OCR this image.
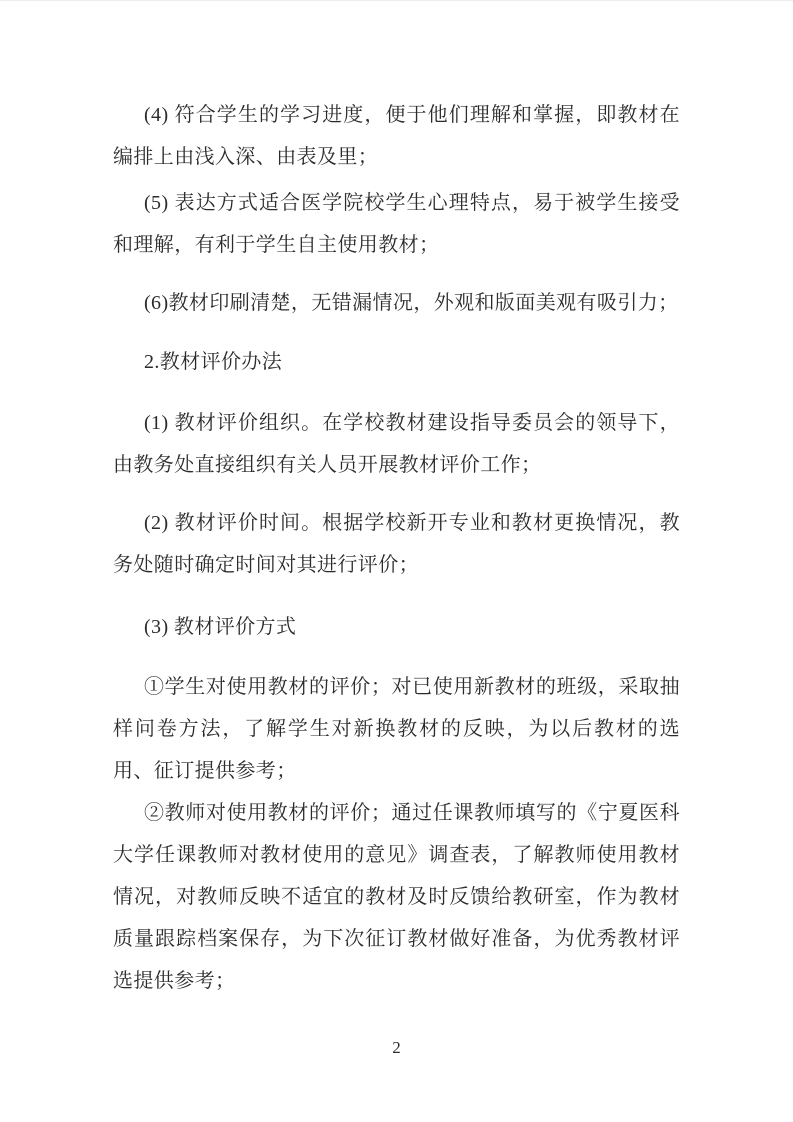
(4) 符合学生的学习进度，便于他们理解和掌握，即教材在编排上由浅入深、由表及里；

(5) 表达方式适合医学院校学生心理特点，易于被学生接受和理解，有利于学生自主使用教材；

(6)教材印刷清楚，无错漏情况，外观和版面美观有吸引力；

2.教材评价办法

(1) 教材评价组织。在学校教材建设指导委员会的领导下，由教务处直接组织有关人员开展教材评价工作；

(2) 教材评价时间。根据学校新开专业和教材更换情况，教务处随时确定时间对其进行评价；

(3) 教材评价方式

①学生对使用教材的评价；对已使用新教材的班级，采取抽样问卷方法，了解学生对新换教材的反映，为以后教材的选用、征订提供参考；

②教师对使用教材的评价；通过任课教师填写的《宁夏医科大学任课教师对教材使用的意见》调查表，了解教师使用教材情况，对教师反映不适宜的教材及时反馈给教研室，作为教材质量跟踪档案保存，为下次征订教材做好准备，为优秀教材评选提供参考；

2
